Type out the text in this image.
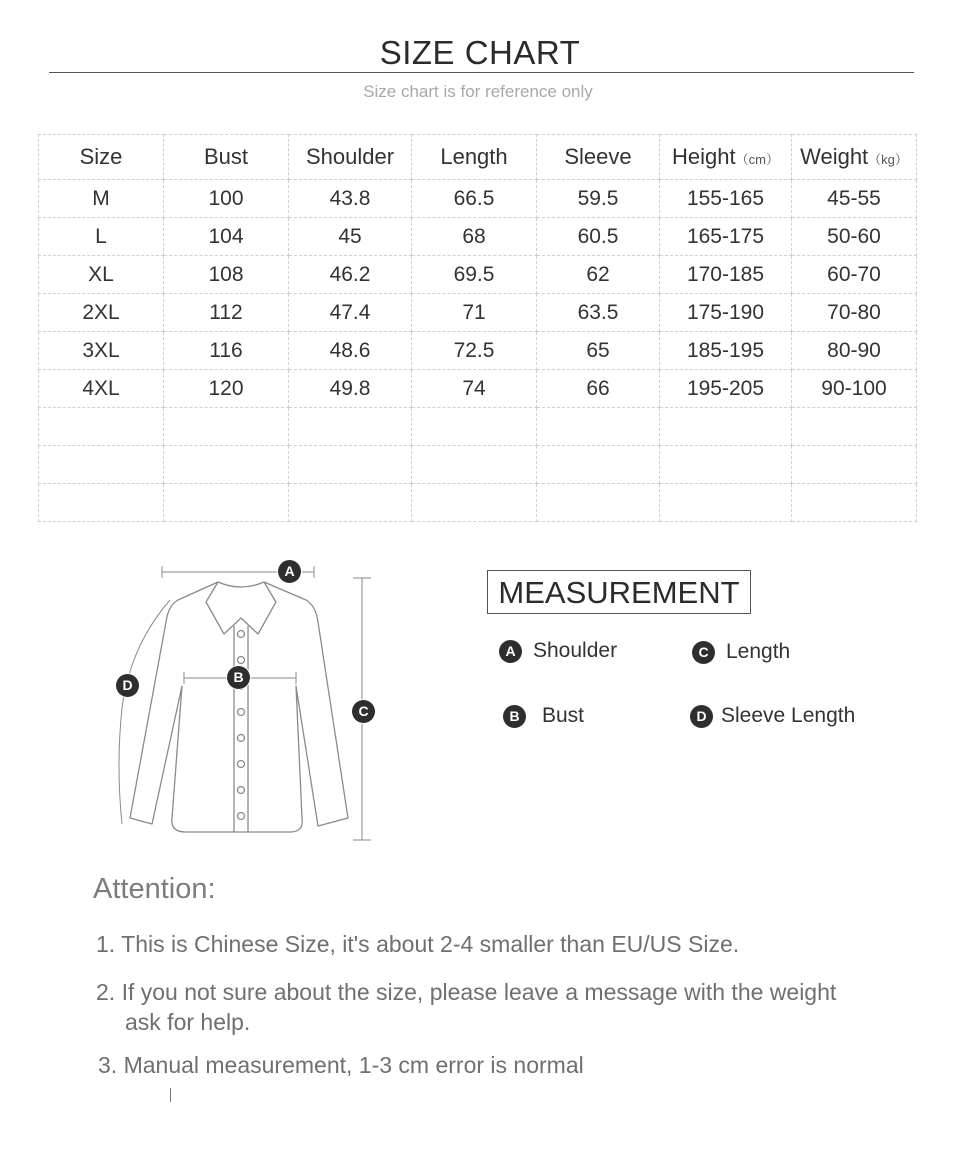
SIZE CHART
Size chart is for reference only
Size	Bust	Shoulder	Length	Sleeve	Height（cm）	Weight（kg）
M	100	43.8	66.5	59.5	155-165	45-55
L	104	45	68	60.5	165-175	50-60
XL	108	46.2	69.5	62	170-185	60-70
2XL	112	47.4	71	63.5	175-190	70-80
3XL	116	48.6	72.5	65	185-195	80-90
4XL	120	49.8	74	66	195-205	90-100

A
B
C
D
MEASUREMENT
A Shoulder	C Length
B	Bust	D Sleeve Length
Attention:
1. This is Chinese Size, it's about 2-4 smaller than EU/US Size.
2. If you not sure about the size, please leave a message with the weight ask for help.
3. Manual measurement, 1-3 cm error is normal
